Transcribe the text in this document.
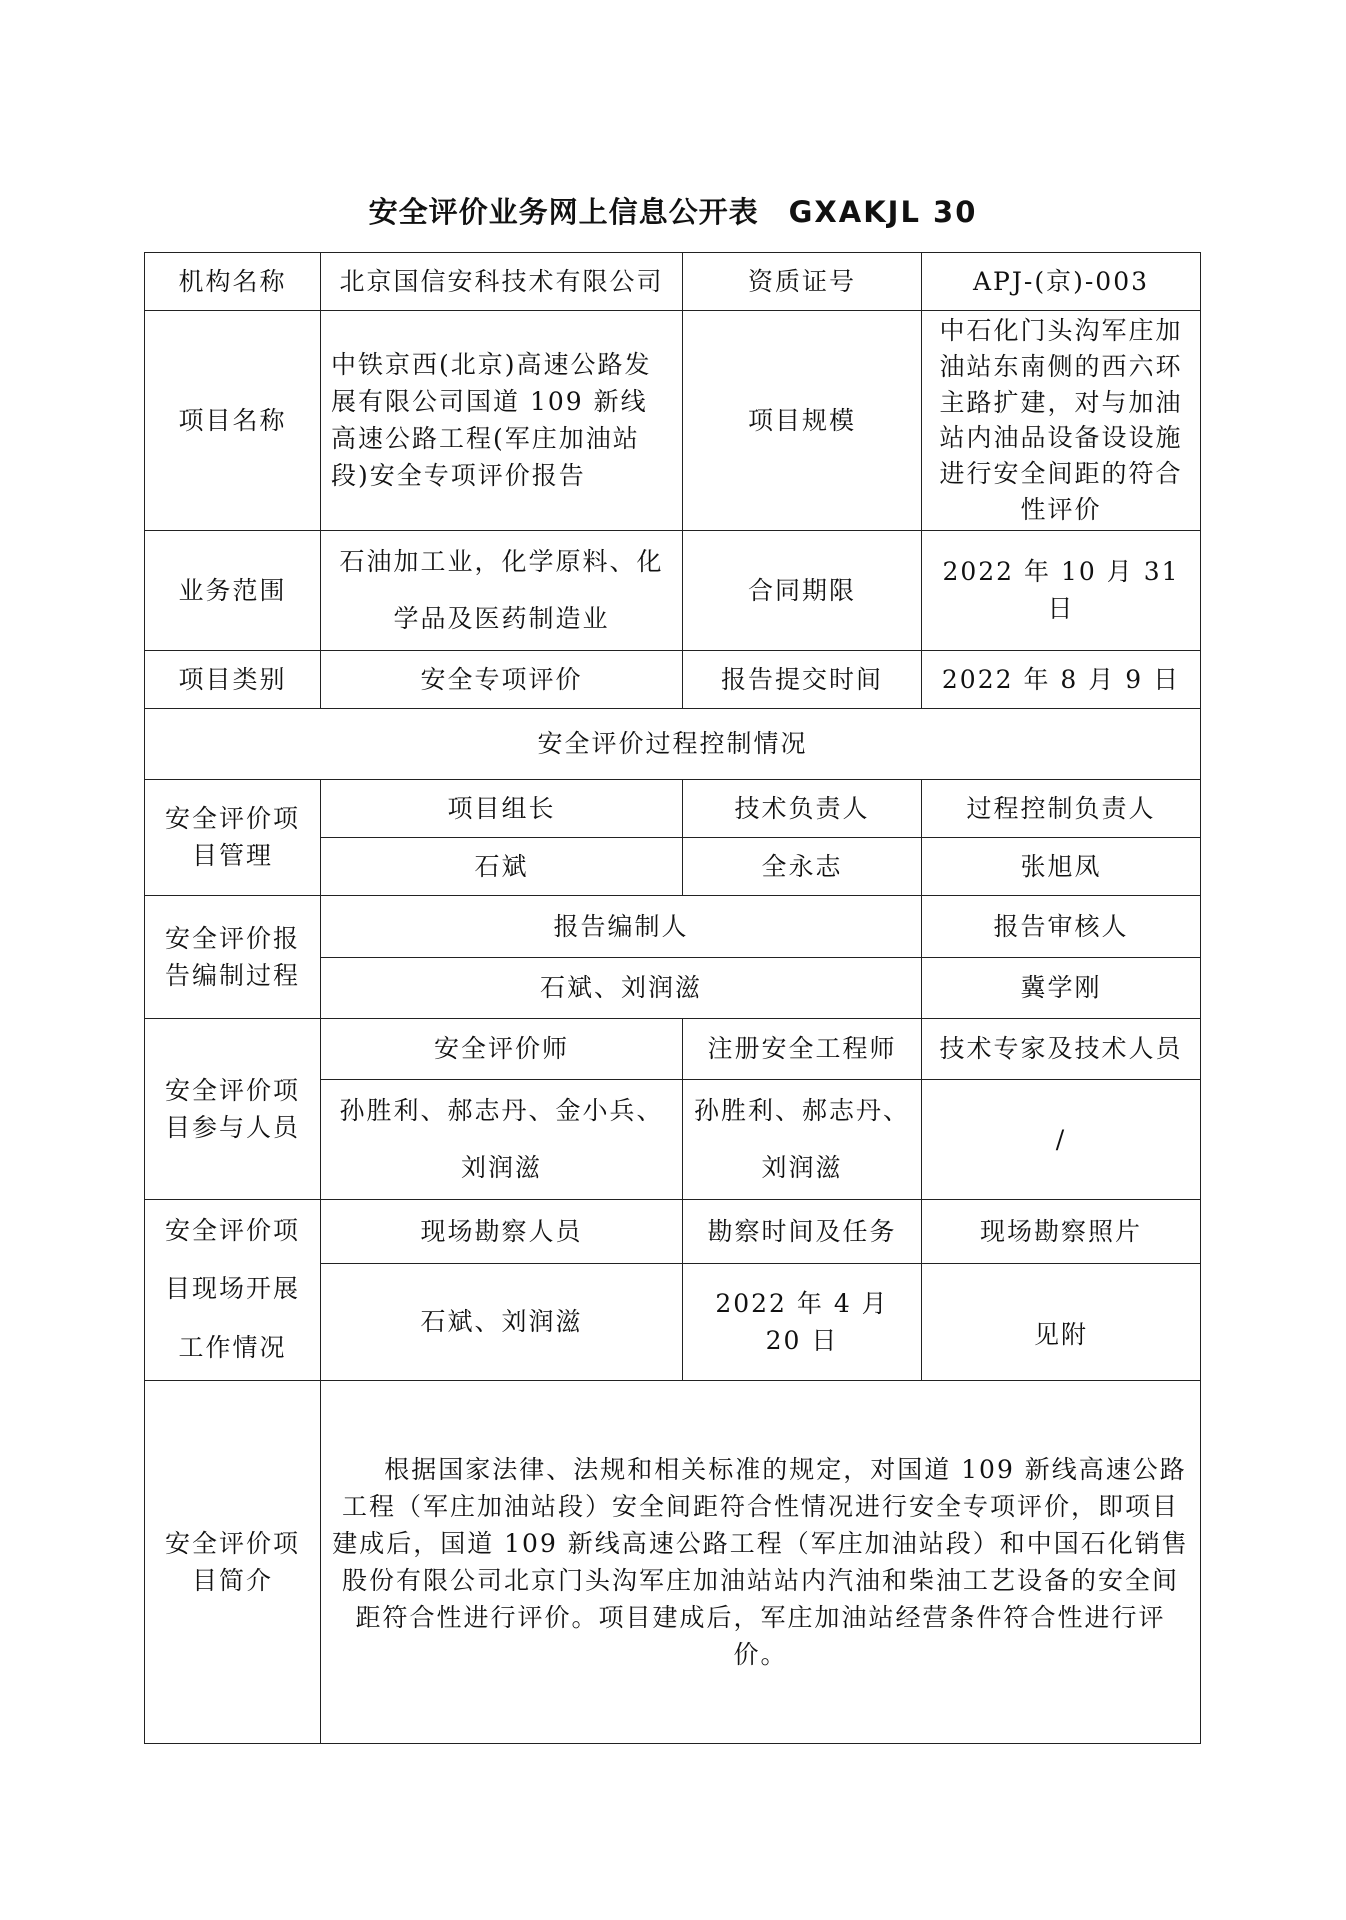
安全评价业务网上信息公开表 GXAKJL 30
机构名称	北京国信安科技术有限公司	资质证号	APJ-(京)-003
项目名称	中铁京西(北京)高速公路发展有限公司国道 109 新线高速公路工程(军庄加油站段)安全专项评价报告	项目规模	中石化门头沟军庄加油站东南侧的西六环主路扩建，对与加油站内油品设备设设施进行安全间距的符合性评价
业务范围	石油加工业，化学原料、化学品及医药制造业	合同期限	2022 年 10 月 31 日
项目类别	安全专项评价	报告提交时间	2022 年 8 月 9 日
安全评价过程控制情况			
安全评价项目管理	项目组长	技术负责人	过程控制负责人
	石斌	全永志	张旭凤
安全评价报告编制过程	报告编制人		报告审核人
	石斌、刘润滋		冀学刚
安全评价项目参与人员	安全评价师	注册安全工程师	技术专家及技术人员
	孙胜利、郝志丹、金小兵、刘润滋	孙胜利、郝志丹、刘润滋	/
安全评价项目现场开展工作情况	现场勘察人员	勘察时间及任务	现场勘察照片
	石斌、刘润滋	2022 年 4 月 20 日	见附
安全评价项目简介	根据国家法律、法规和相关标准的规定，对国道 109 新线高速公路工程（军庄加油站段）安全间距符合性情况进行安全专项评价，即项目建成后，国道 109 新线高速公路工程（军庄加油站段）和中国石化销售股份有限公司北京门头沟军庄加油站站内汽油和柴油工艺设备的安全间距符合性进行评价。项目建成后，军庄加油站经营条件符合性进行评价。		
